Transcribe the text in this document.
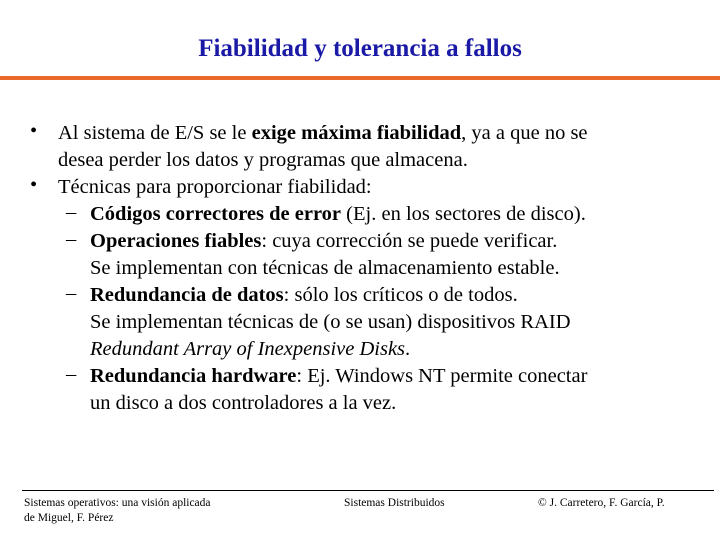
Fiabilidad y tolerancia a fallos
• Al sistema de E/S se le exige máxima fiabilidad, ya a que no se
desea perder los datos y programas que almacena.
• Técnicas para proporcionar fiabilidad:
– Códigos correctores de error (Ej. en los sectores de disco).
– Operaciones fiables: cuya corrección se puede verificar.
Se implementan con técnicas de almacenamiento estable.
– Redundancia de datos: sólo los críticos o de todos.
Se implementan técnicas de (o se usan) dispositivos RAID
Redundant Array of Inexpensive Disks.
– Redundancia hardware: Ej. Windows NT permite conectar
un disco a dos controladores a la vez.
Sistemas operativos: una visión aplicada
de Miguel, F. Pérez
Sistemas Distribuidos	© J. Carretero, F. García, P.
